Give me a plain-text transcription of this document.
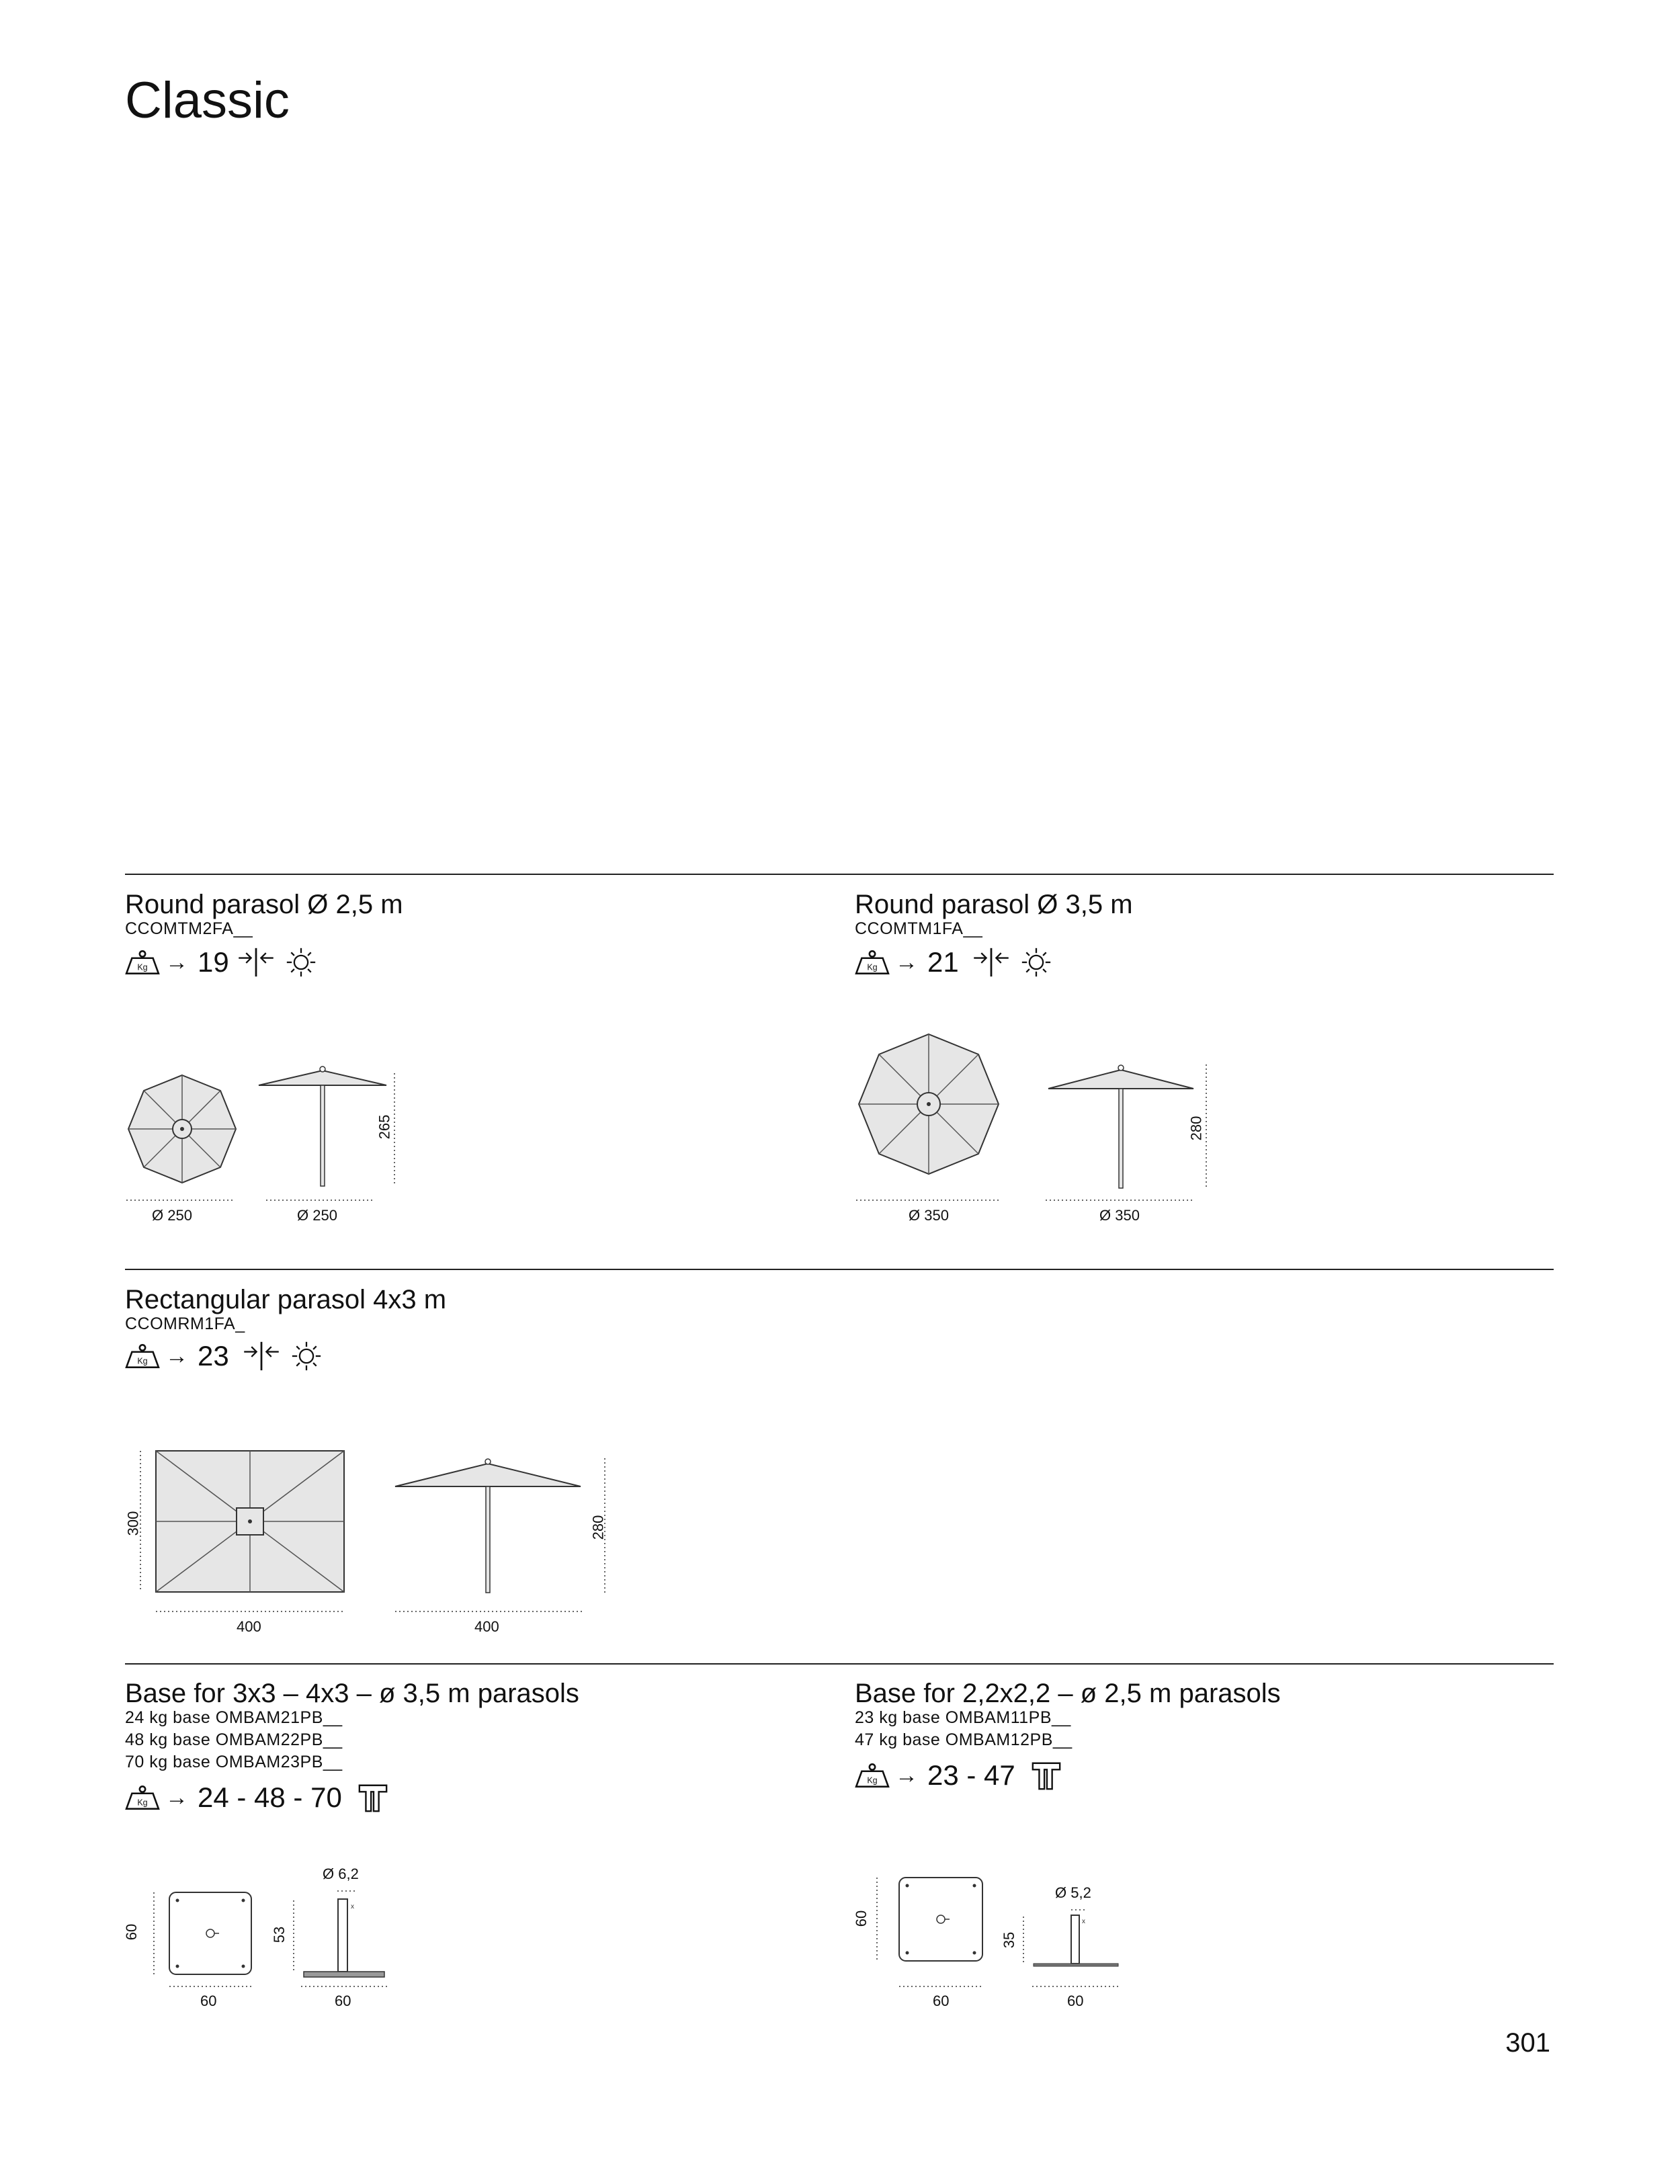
Classic
Round parasol Ø 2,5 m
CCOMTM2FA__
→ 19
Ø 250	Ø 250
265
Round parasol Ø 3,5 m
CCOMTM1FA__
→ 21
Ø 350	Ø 350
280
Rectangular parasol 4x3 m
CCOMRM1FA_
→ 23
400
300
400
280
Base for 3x3 – 4x3 – ø 3,5 m parasols
24 kg base OMBAM21PB__
48 kg base OMBAM22PB__
70 kg base OMBAM23PB__
→ 24 - 48 - 70
x
60
60
60
53
Ø 6,2
Base for 2,2x2,2 – ø 2,5 m parasols
23 kg base OMBAM11PB__
47 kg base OMBAM12PB__
→ 23 - 47
x
60
60
60
35
Ø 5,2
301
